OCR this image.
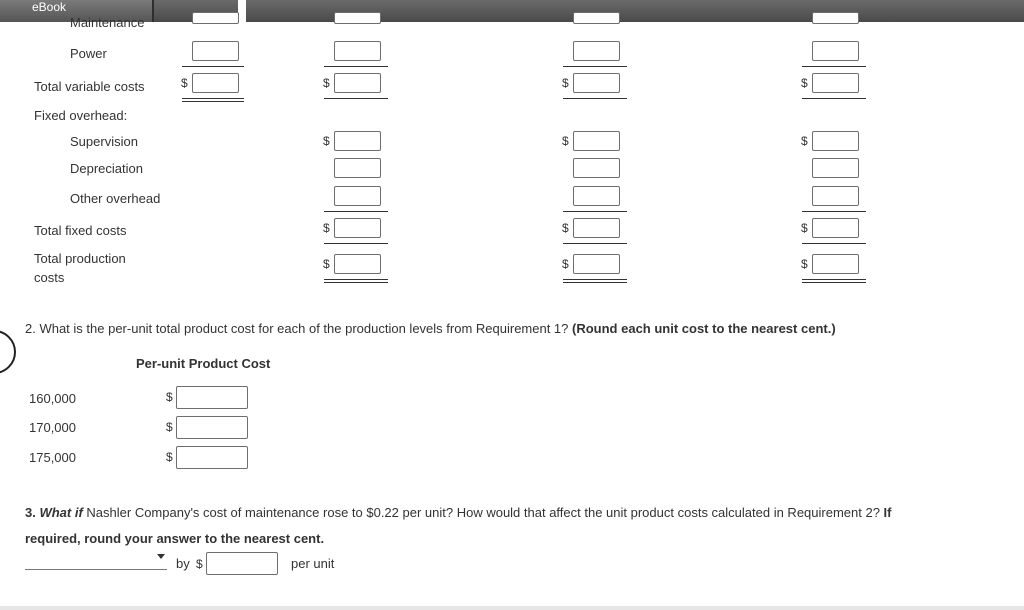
eBook
Maintenance
Power
Total variable costs
Fixed overhead:
Supervision
Depreciation
Other overhead
Total fixed costs
Total production
costs
$	$
$
$
$
$
$
$
$
$
$
$
$
2. What is the per-unit total product cost for each of the production levels from Requirement 1? (Round each unit cost to the nearest cent.)
Per-unit Product Cost
160,000
170,000
175,000
$
$
$
3. What if Nashler Company's cost of maintenance rose to $0.22 per unit? How would that affect the unit product costs calculated in Requirement 2? If
required, round your answer to the nearest cent.
by $	per unit
